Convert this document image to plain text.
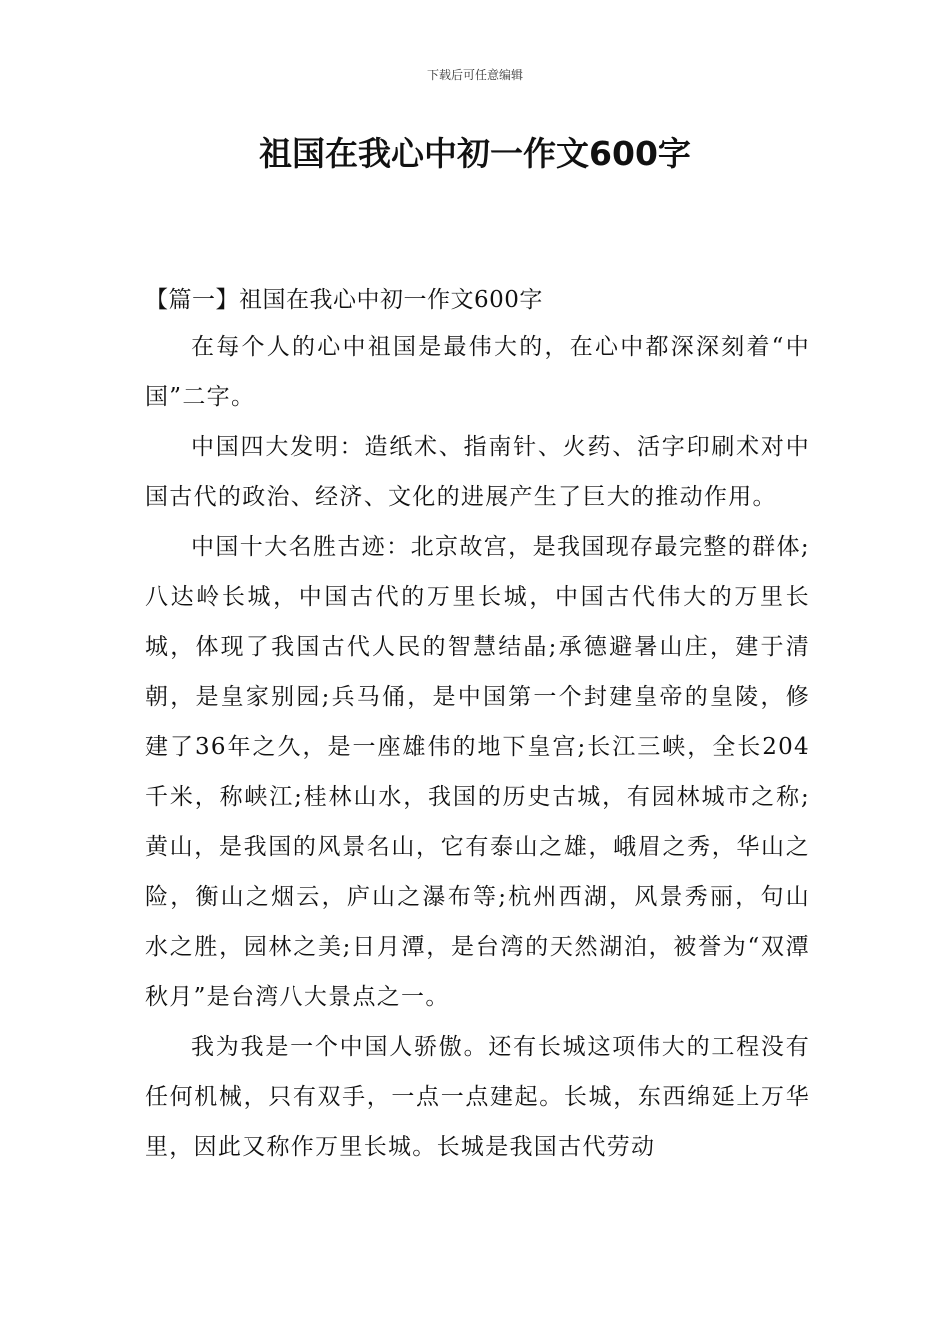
下载后可任意编辑
祖国在我心中初一作文600字

【篇一】祖国在我心中初一作文600字

在每个人的心中祖国是最伟大的，在心中都深深刻着“中国”二字。

中国四大发明：造纸术、指南针、火药、活字印刷术对中国古代的政治、经济、文化的进展产生了巨大的推动作用。

中国十大名胜古迹：北京故宫，是我国现存最完整的群体;八达岭长城，中国古代的万里长城，中国古代伟大的万里长城，体现了我国古代人民的智慧结晶;承德避暑山庄，建于清朝，是皇家别园;兵马俑，是中国第一个封建皇帝的皇陵，修建了36年之久，是一座雄伟的地下皇宫;长江三峡，全长204千米，称峡江;桂林山水，我国的历史古城，有园林城市之称;黄山，是我国的风景名山，它有泰山之雄，峨眉之秀，华山之险，衡山之烟云，庐山之瀑布等;杭州西湖，风景秀丽，句山水之胜，园林之美;日月潭，是台湾的天然湖泊，被誉为“双潭秋月”是台湾八大景点之一。

我为我是一个中国人骄傲。还有长城这项伟大的工程没有任何机械，只有双手，一点一点建起。长城，东西绵延上万华里，因此又称作万里长城。长城是我国古代劳动
